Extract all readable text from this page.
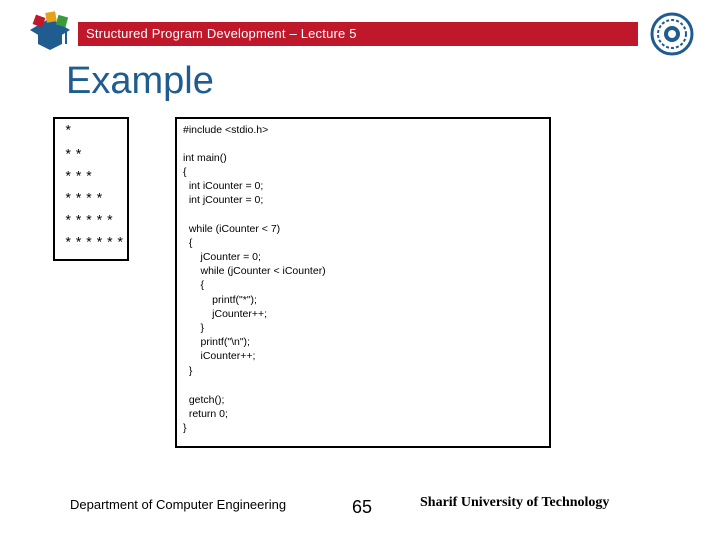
Structured Program Development – Lecture 5
Example
*
**
***
****
*****
******
#include <stdio.h>
int main()
{
int iCounter = 0;
int jCounter = 0;
while (iCounter < 7)
{
jCounter = 0;
while (jCounter < iCounter)
{
printf("*");
jCounter++;
}
printf("\n");
iCounter++;
}
getch();
return 0;
}
Department of Computer Engineering	65	Sharif University of Technology
